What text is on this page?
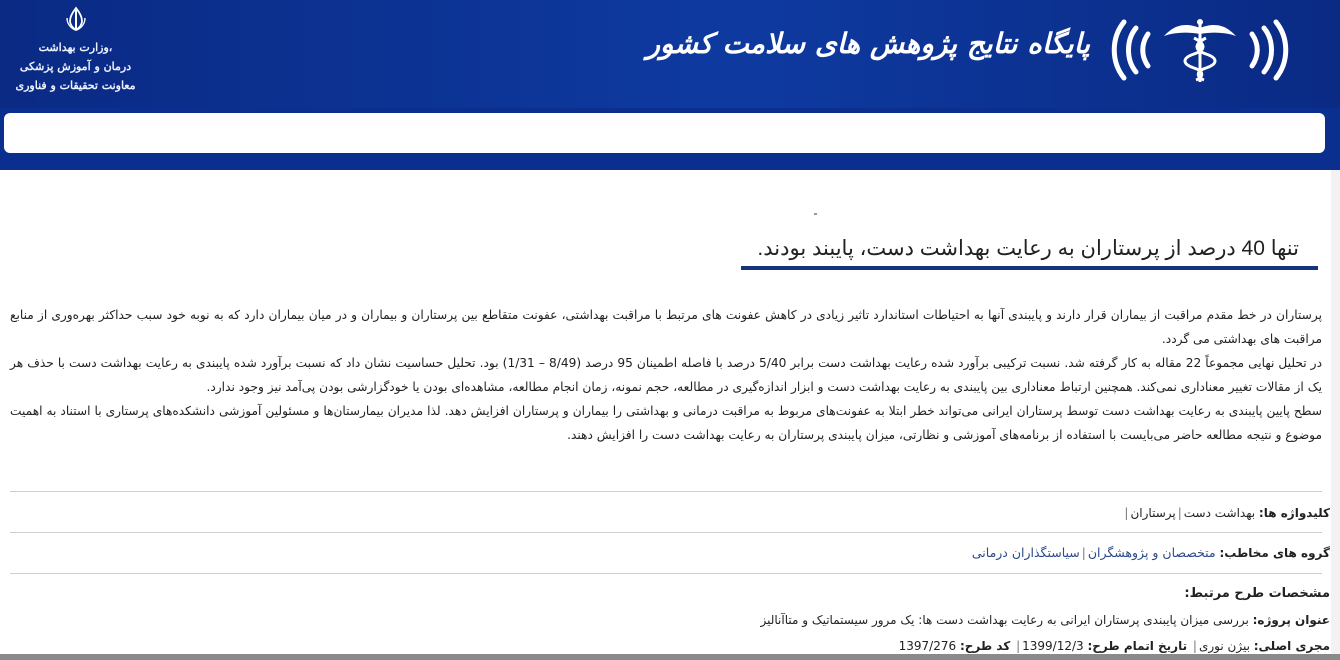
وزارت بهداشت،
درمان و آموزش پزشکی
معاونت تحقیقات و فناوری
پایگاه نتایج پژوهش های سلامت کشور
تنها 40 درصد از پرستاران به رعایت بهداشت دست، پایبند بودند.

پرستاران در خط مقدم مراقبت از بیماران قرار دارند و پایبندی آنها به احتیاطات استاندارد تاثیر زیادی در کاهش عفونت های مرتبط با مراقبت بهداشتی، عفونت متقاطع بین پرستاران و بیماران و در میان بیماران دارد که به نوبه خود سبب حداکثر بهره‌وری از منابع مراقبت های بهداشتی می گردد.

در تحلیل نهایی مجموعاً 22 مقاله به کار گرفته شد. نسبت ترکیبی برآورد شده رعایت بهداشت دست برابر 5/40 درصد با فاصله اطمینان 95 درصد (8/49 – 1/31) بود. تحلیل حساسیت نشان داد که نسبت برآورد شده پایبندی به رعایت بهداشت دست با حذف هر یک از مقالات تغییر معناداری نمی‌کند. همچنین ارتباط معناداری بین پایبندی به رعایت بهداشت دست و ابزار اندازه‌گیری در مطالعه، حجم نمونه، زمان انجام مطالعه، مشاهده‌ای بودن یا خودگزارشی بودن پی‌آمد نیز وجود ندارد.

سطح پایین پایبندی به رعایت بهداشت دست توسط پرستاران ایرانی می‌تواند خطر ابتلا به عفونت‌های مربوط به مراقبت درمانی و بهداشتی را بیماران و پرستاران افزایش دهد. لذا مدیران بیمارستان‌ها و مسئولین آموزشی دانشکده‌های پرستاری با استناد به اهمیت موضوع و نتیجه مطالعه حاضر می‌بایست با استفاده از برنامه‌های آموزشی و نظارتی، میزان پایبندی پرستاران به رعایت بهداشت دست را افزایش دهند.

کلیدواژه ها: بهداشت دست|پرستاران|
گروه های مخاطب: متخصصان و پژوهشگران|سیاستگذاران درمانی
مشخصات طرح مرتبط:
عنوان پروژه: بررسی میزان پایبندی پرستاران ایرانی به رعایت بهداشت دست ها: یک مرور سیستماتیک و متاآنالیز
مجری اصلی: بیژن نوری| تاریخ اتمام طرح: 1399/12/3| کد طرح: 1397/276
